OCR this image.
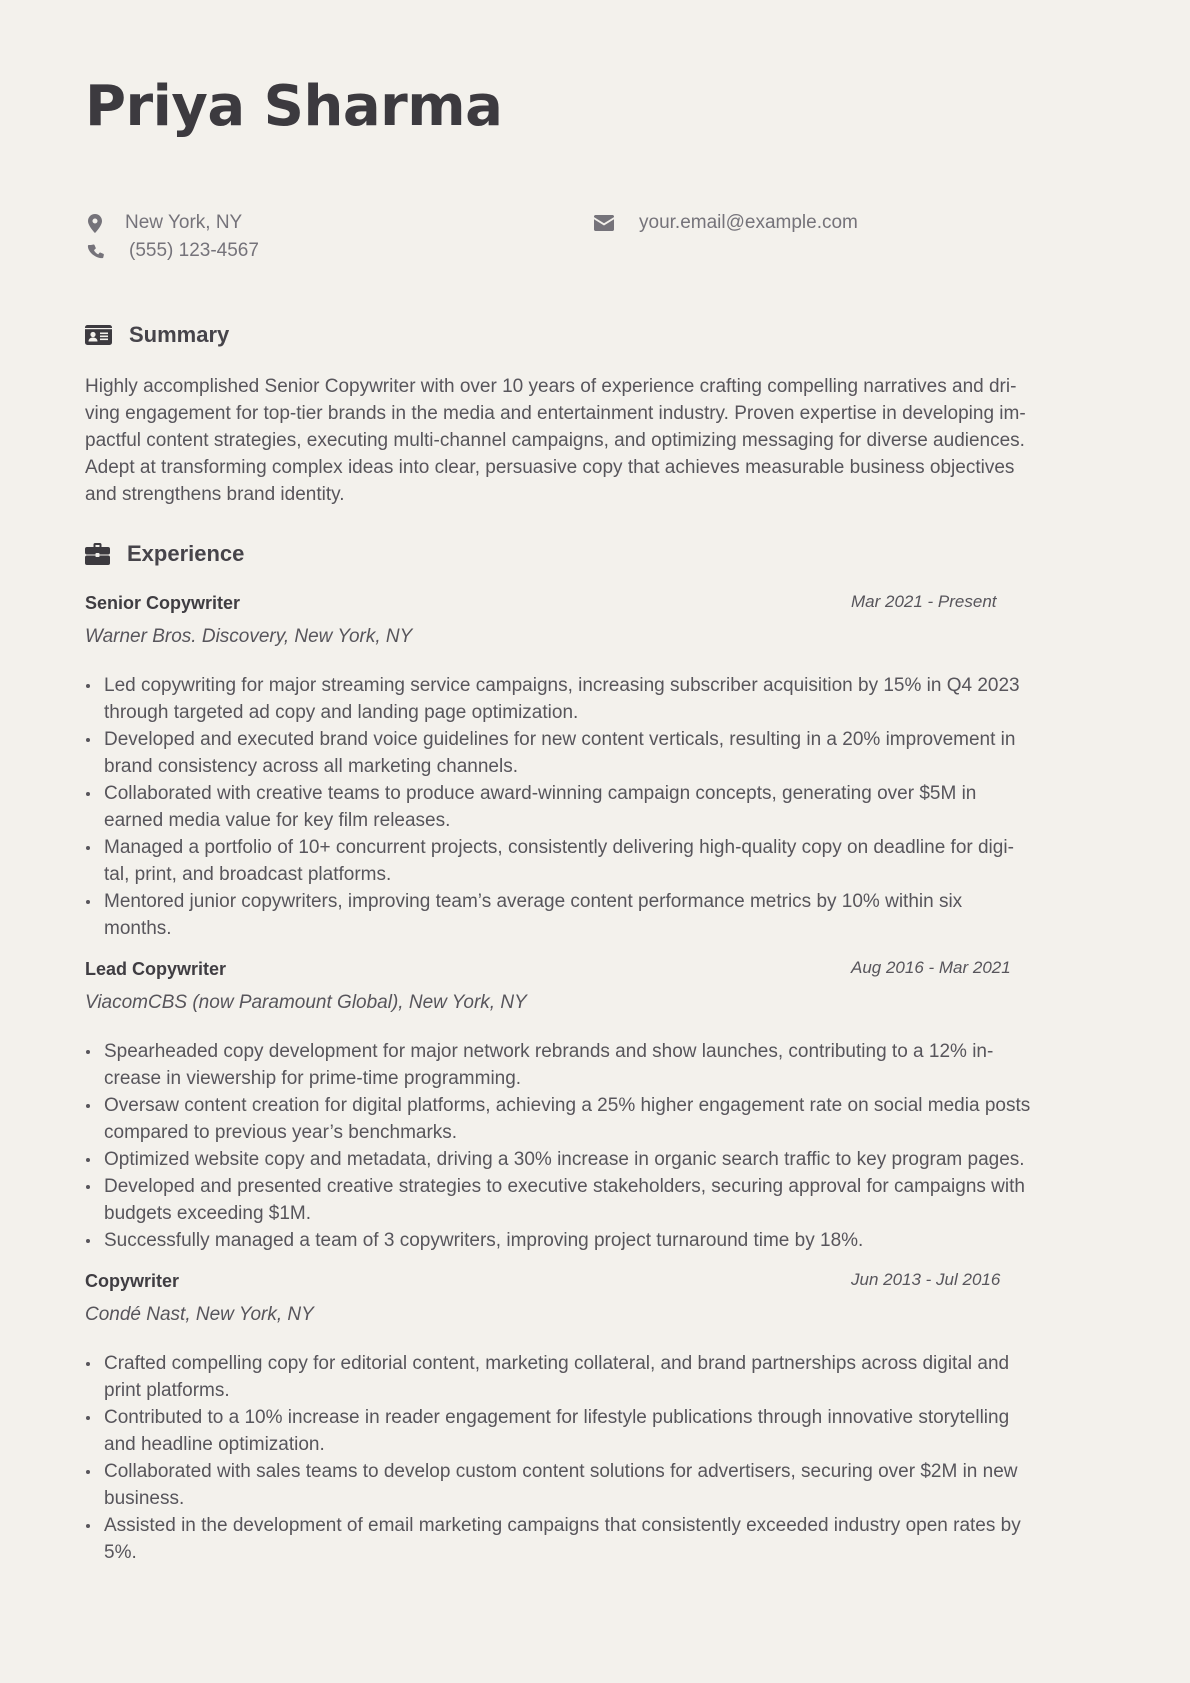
Priya Sharma
New York, NY
(555) 123-4567
your.email@example.com
Summary
Highly accomplished Senior Copywriter with over 10 years of experience crafting compelling narratives and dri-
ving engagement for top-tier brands in the media and entertainment industry. Proven expertise in developing im-
pactful content strategies, executing multi-channel campaigns, and optimizing messaging for diverse audiences.
Adept at transforming complex ideas into clear, persuasive copy that achieves measurable business objectives
and strengthens brand identity.
Experience
Senior Copywriter	Mar 2021 - Present
Warner Bros. Discovery, New York, NY
Led copywriting for major streaming service campaigns, increasing subscriber acquisition by 15% in Q4 2023
through targeted ad copy and landing page optimization.
Developed and executed brand voice guidelines for new content verticals, resulting in a 20% improvement in
brand consistency across all marketing channels.
Collaborated with creative teams to produce award-winning campaign concepts, generating over $5M in
earned media value for key film releases.
Managed a portfolio of 10+ concurrent projects, consistently delivering high-quality copy on deadline for digi-
tal, print, and broadcast platforms.
Mentored junior copywriters, improving team’s average content performance metrics by 10% within six
months.
Lead Copywriter	Aug 2016 - Mar 2021
ViacomCBS (now Paramount Global), New York, NY
Spearheaded copy development for major network rebrands and show launches, contributing to a 12% in-
crease in viewership for prime-time programming.
Oversaw content creation for digital platforms, achieving a 25% higher engagement rate on social media posts
compared to previous year’s benchmarks.
Optimized website copy and metadata, driving a 30% increase in organic search traffic to key program pages.
Developed and presented creative strategies to executive stakeholders, securing approval for campaigns with
budgets exceeding $1M.
Successfully managed a team of 3 copywriters, improving project turnaround time by 18%.
Copywriter	Jun 2013 - Jul 2016
Condé Nast, New York, NY
Crafted compelling copy for editorial content, marketing collateral, and brand partnerships across digital and
print platforms.
Contributed to a 10% increase in reader engagement for lifestyle publications through innovative storytelling
and headline optimization.
Collaborated with sales teams to develop custom content solutions for advertisers, securing over $2M in new
business.
Assisted in the development of email marketing campaigns that consistently exceeded industry open rates by
5%.
